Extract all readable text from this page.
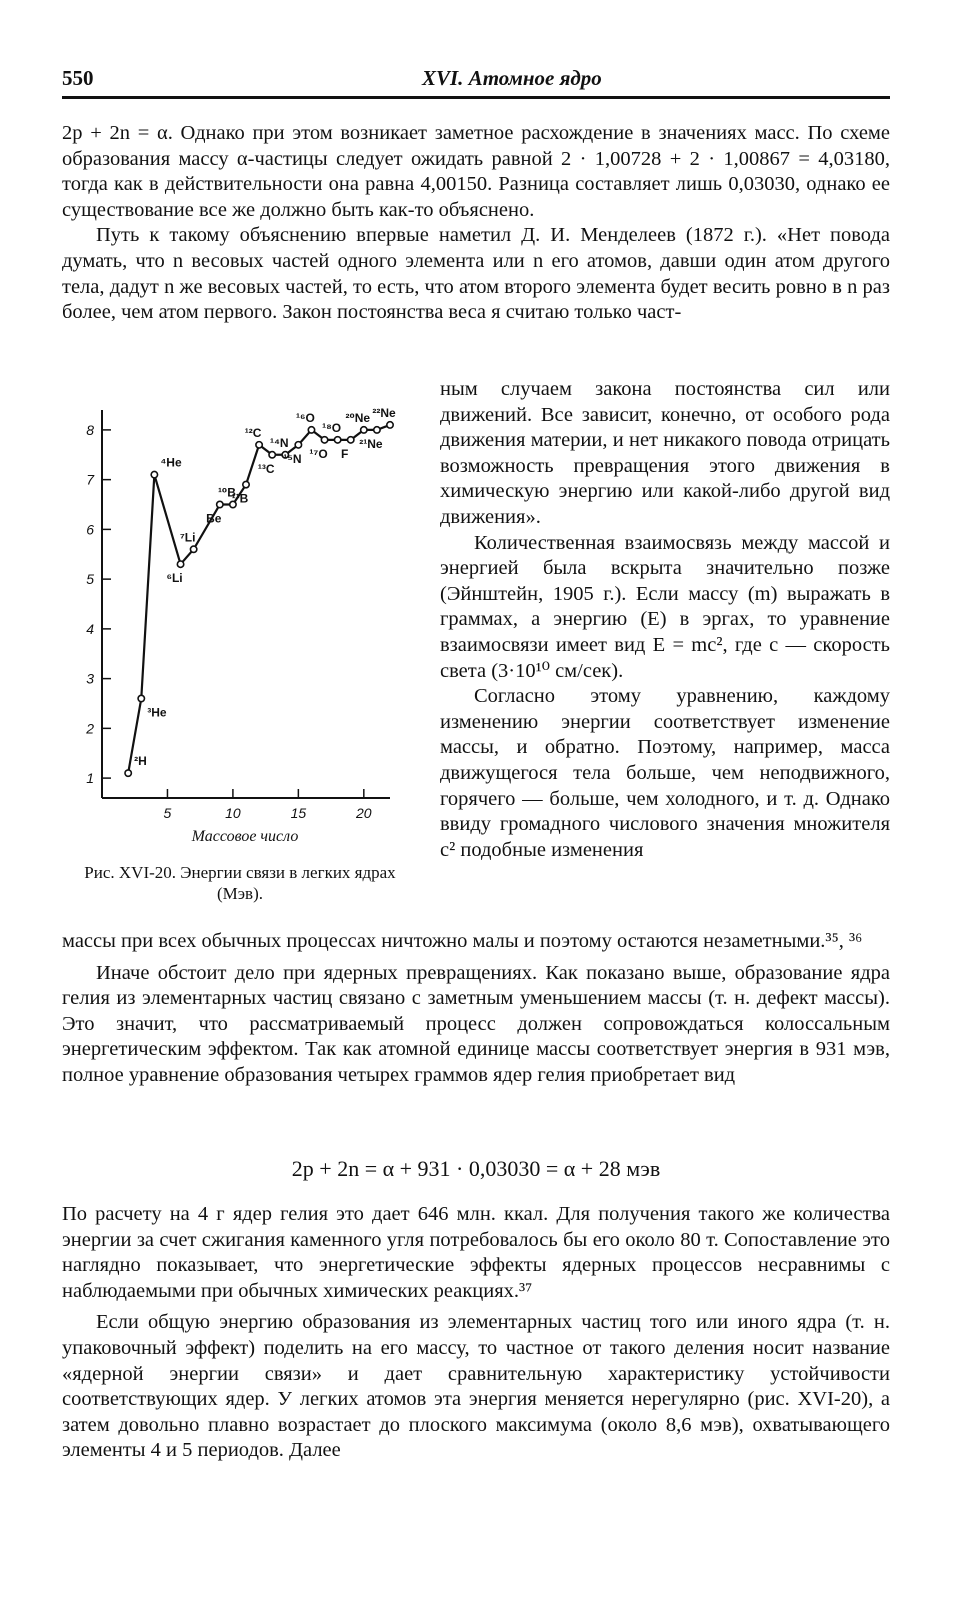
550	XVI. Атомное ядро

2p + 2n = α. Однако при этом возникает заметное расхождение в значениях масс. По схеме образования массу α-частицы следует ожидать равной 2 · 1,00728 + 2 · 1,00867 = 4,03180, тогда как в действительности она равна 4,00150. Разница составляет лишь 0,03030, однако ее существование все же должно быть как-то объяснено.

Путь к такому объяснению впервые наметил Д. И. Менделеев (1872 г.). «Нет повода думать, что n весовых частей одного элемента или n его атомов, давши один атом другого тела, дадут n же весовых частей, то есть, что атом второго элемента будет весить ровно в n раз более, чем атом первого. Закон постоянства веса я считаю только част-

1
2
3
4
5
6
7
8
5	10	15	20
²H
³He
⁴He
⁶Li
⁷Li
Be
¹⁰B
¹¹B
¹²C
¹³C
¹⁴N
¹⁵N
¹⁶O
¹⁷O
¹⁸O
F
²⁰Ne
²¹Ne
²²Ne
Массовое число
Рис. XVI-20. Энергии связи в легких ядрах (Мэв).

ным случаем закона постоянства сил или движений. Все зависит, конечно, от особого рода движения материи, и нет никакого повода отрицать возможность превращения этого движения в химическую энергию или какой-либо другой вид движения».

Количественная взаимосвязь между массой и энергией была вскрыта значительно позже (Эйнштейн, 1905 г.). Если массу (m) выражать в граммах, а энергию (E) в эргах, то уравнение взаимосвязи имеет вид E = mc², где c — скорость света (3·10¹⁰ см/сек).

Согласно этому уравнению, каждому изменению энергии соответствует изменение массы, и обратно. Поэтому, например, масса движущегося тела больше, чем неподвижного, горячего — больше, чем холодного, и т. д. Однако ввиду громадного числового значения множителя c² подобные изменения

массы при всех обычных процессах ничтожно малы и поэтому остаются незаметными.³⁵, ³⁶

Иначе обстоит дело при ядерных превращениях. Как показано выше, образование ядра гелия из элементарных частиц связано с заметным уменьшением массы (т. н. дефект массы). Это значит, что рассматриваемый процесс должен сопровождаться колоссальным энергетическим эффектом. Так как атомной единице массы соответствует энергия в 931 мэв, полное уравнение образования четырех граммов ядер гелия приобретает вид

2p + 2n = α + 931 · 0,03030 = α + 28 мэв

По расчету на 4 г ядер гелия это дает 646 млн. ккал. Для получения такого же количества энергии за счет сжигания каменного угля потребовалось бы его около 80 т. Сопоставление это наглядно показывает, что энергетические эффекты ядерных процессов несравнимы с наблюдаемыми при обычных химических реакциях.³⁷

Если общую энергию образования из элементарных частиц того или иного ядра (т. н. упаковочный эффект) поделить на его массу, то частное от такого деления носит название «ядерной энергии связи» и дает сравнительную характеристику устойчивости соответствующих ядер. У легких атомов эта энергия меняется нерегулярно (рис. XVI-20), а затем довольно плавно возрастает до плоского максимума (около 8,6 мэв), охватывающего элементы 4 и 5 периодов. Далее
